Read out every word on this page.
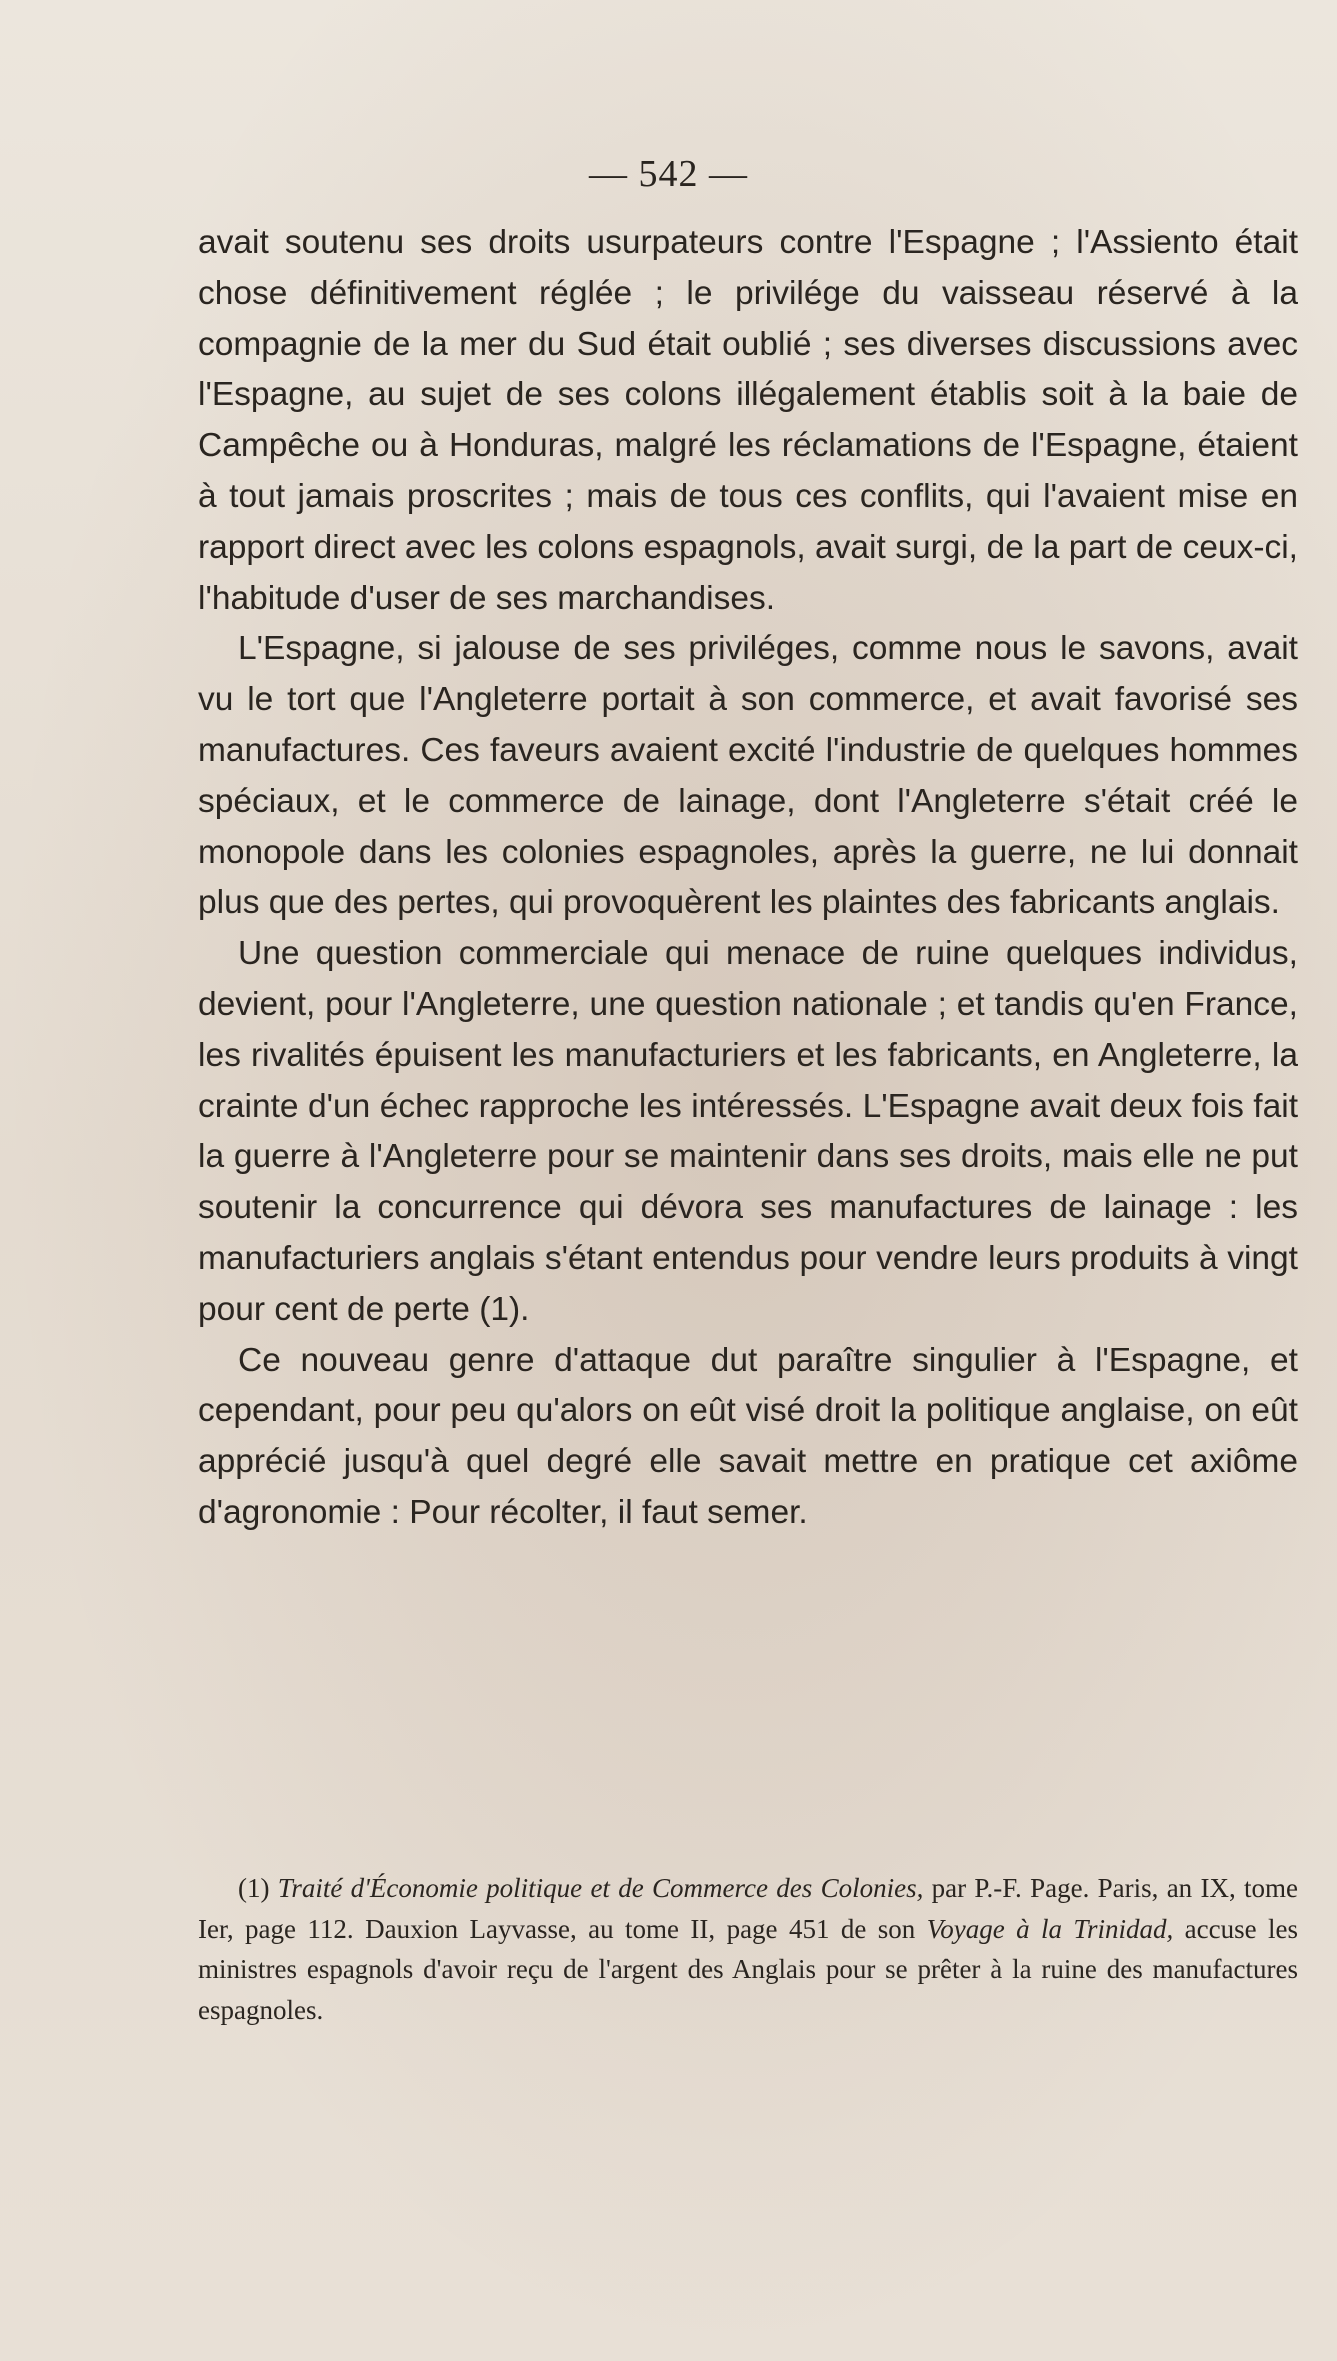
— 542 —

avait soutenu ses droits usurpateurs contre l'Espagne ; l'Assiento était chose définitivement réglée ; le privilége du vaisseau réservé à la compagnie de la mer du Sud était oublié ; ses diverses discussions avec l'Espagne, au sujet de ses colons illégalement établis soit à la baie de Campêche ou à Honduras, malgré les réclamations de l'Espagne, étaient à tout jamais proscrites ; mais de tous ces conflits, qui l'avaient mise en rapport direct avec les colons espagnols, avait surgi, de la part de ceux-ci, l'habitude d'user de ses marchandises.

L'Espagne, si jalouse de ses priviléges, comme nous le savons, avait vu le tort que l'Angleterre portait à son commerce, et avait favorisé ses manufactures. Ces faveurs avaient excité l'industrie de quelques hommes spéciaux, et le commerce de lainage, dont l'Angleterre s'était créé le monopole dans les colonies espagnoles, après la guerre, ne lui donnait plus que des pertes, qui provoquèrent les plaintes des fabricants anglais.

Une question commerciale qui menace de ruine quelques individus, devient, pour l'Angleterre, une question nationale ; et tandis qu'en France, les rivalités épuisent les manufacturiers et les fabricants, en Angleterre, la crainte d'un échec rapproche les intéressés. L'Espagne avait deux fois fait la guerre à l'Angleterre pour se maintenir dans ses droits, mais elle ne put soutenir la concurrence qui dévora ses manufactures de lainage : les manufacturiers anglais s'étant entendus pour vendre leurs produits à vingt pour cent de perte (1).

Ce nouveau genre d'attaque dut paraître singulier à l'Espagne, et cependant, pour peu qu'alors on eût visé droit la politique anglaise, on eût apprécié jusqu'à quel degré elle savait mettre en pratique cet axiôme d'agronomie : Pour récolter, il faut semer.

(1) Traité d'Économie politique et de Commerce des Colonies, par P.-F. Page. Paris, an IX, tome Ier, page 112. Dauxion Layvasse, au tome II, page 451 de son Voyage à la Trinidad, accuse les ministres espagnols d'avoir reçu de l'argent des Anglais pour se prêter à la ruine des manufactures espagnoles.
